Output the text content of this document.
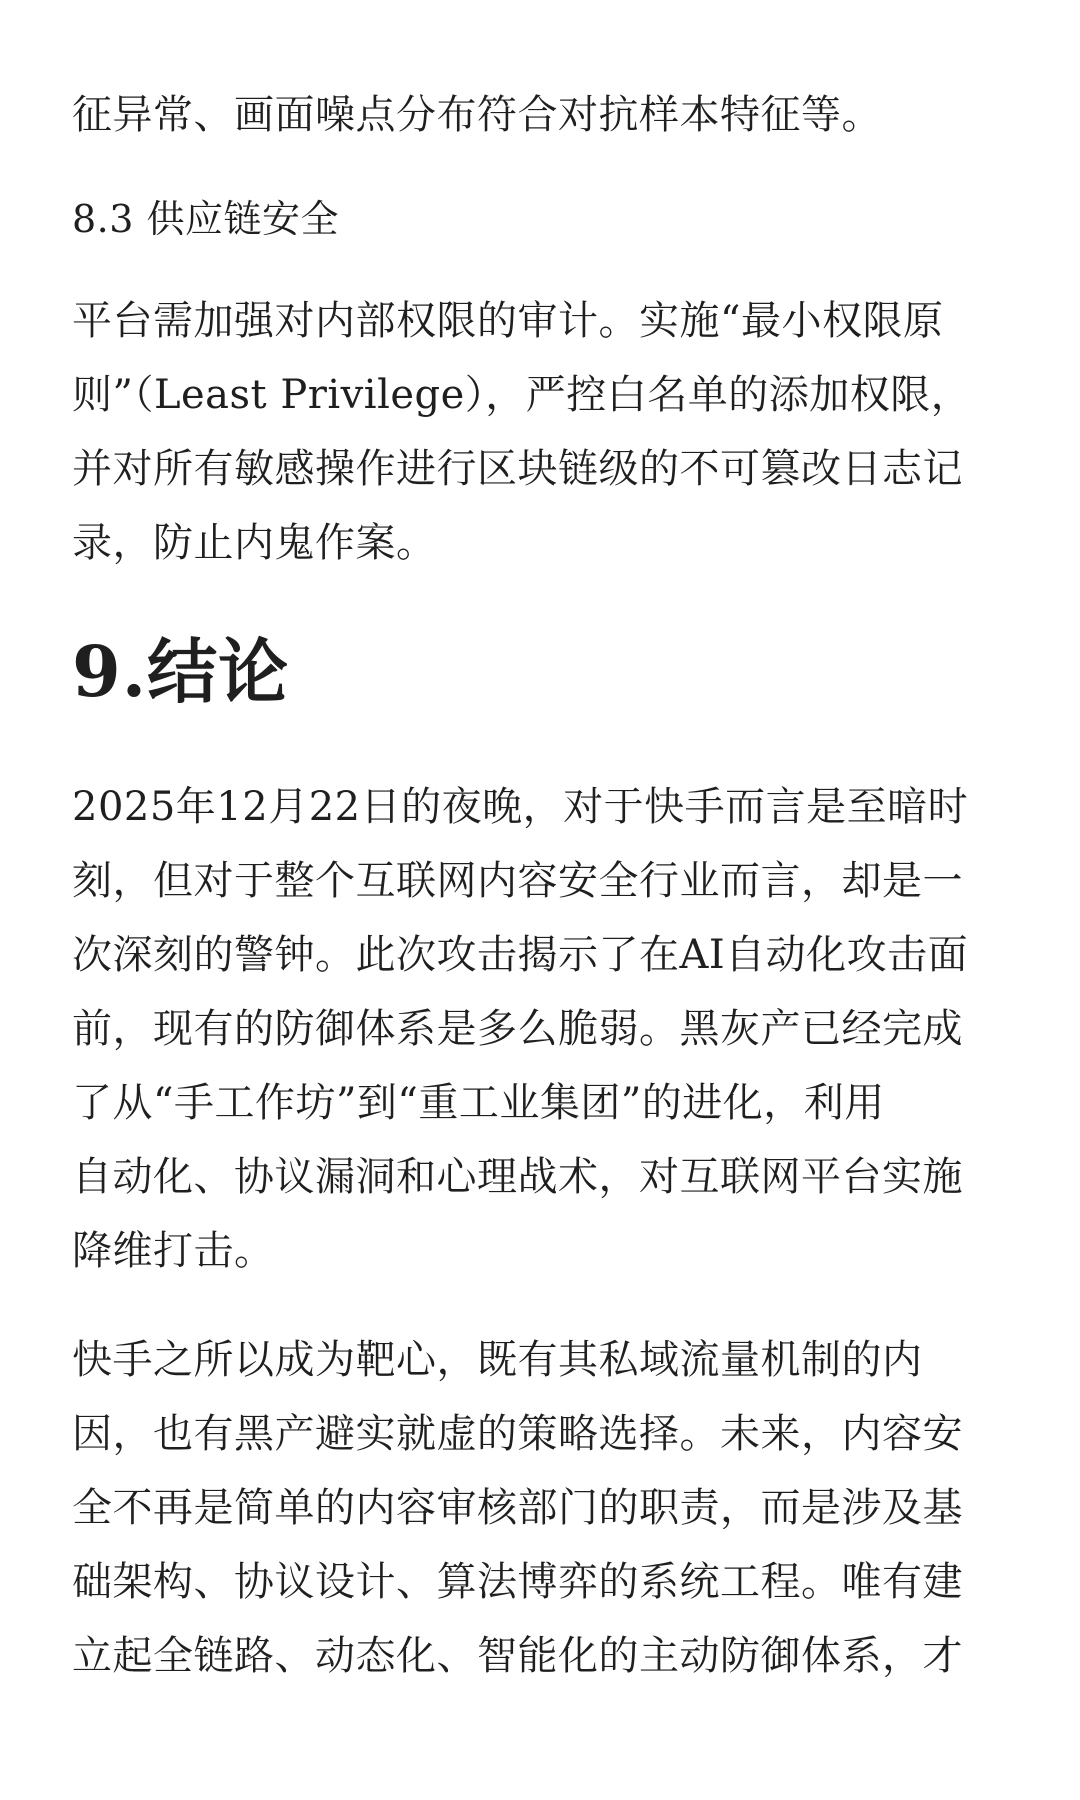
征异常、画面噪点分布符合对抗样本特征等。

8.3 供应链安全

平台需加强对内部权限的审计。实施“最小权限原
则”（Least Privilege），严控白名单的添加权限，
并对所有敏感操作进行区块链级的不可篡改日志记
录，防止内鬼作案。

9.结论

2025年12月22日的夜晚，对于快手而言是至暗时
刻，但对于整个互联网内容安全行业而言，却是一
次深刻的警钟。此次攻击揭示了在AI自动化攻击面
前，现有的防御体系是多么脆弱。黑灰产已经完成
了从“手工作坊”到“重工业集团”的进化，利用
自动化、协议漏洞和心理战术，对互联网平台实施
降维打击。

快手之所以成为靶心，既有其私域流量机制的内
因，也有黑产避实就虚的策略选择。未来，内容安
全不再是简单的内容审核部门的职责，而是涉及基
础架构、协议设计、算法博弈的系统工程。唯有建
立起全链路、动态化、智能化的主动防御体系，才
